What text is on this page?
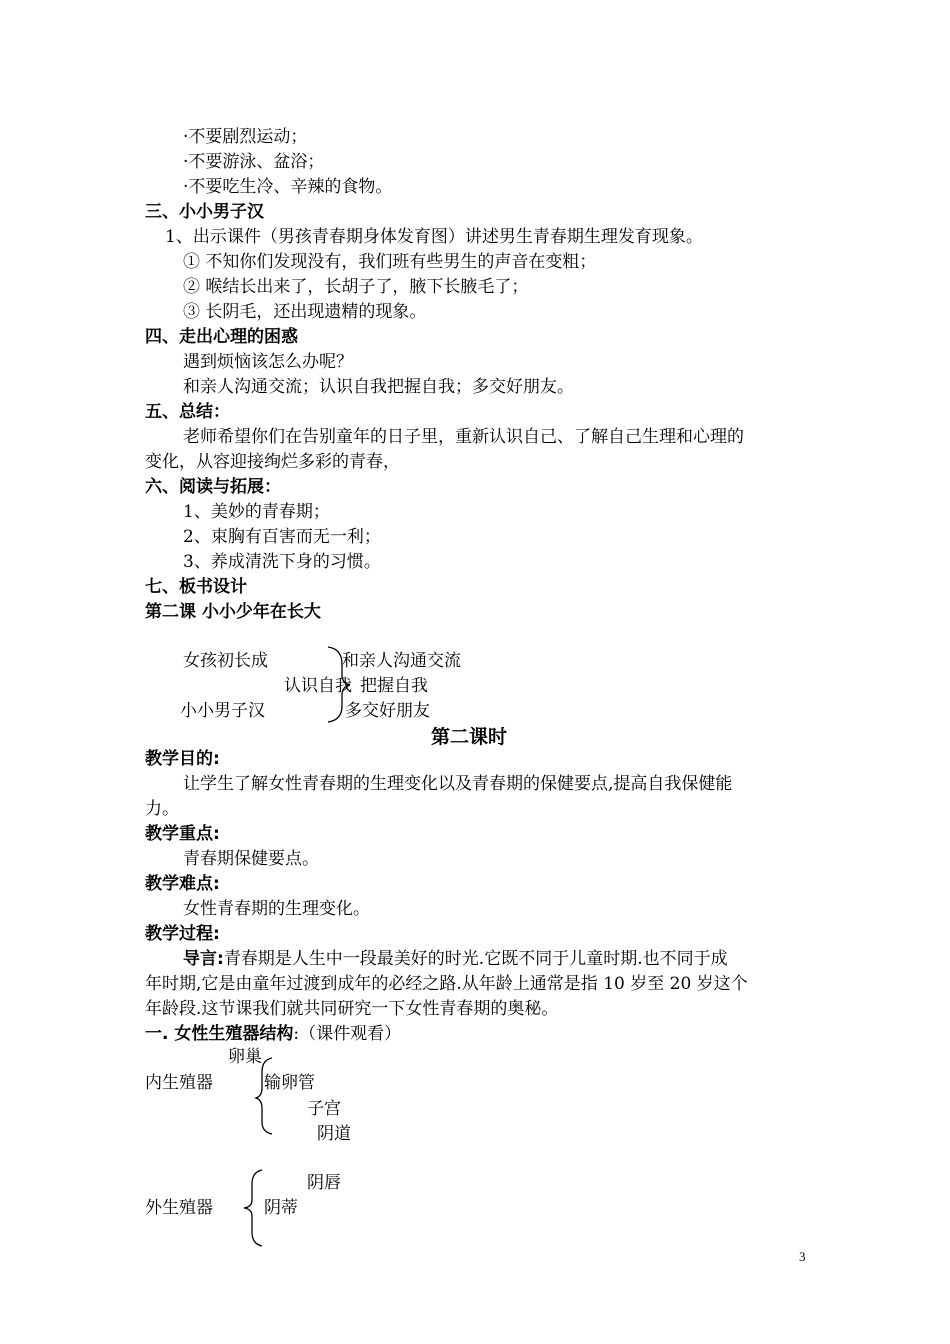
·不要剧烈运动；
·不要游泳、盆浴；
·不要吃生冷、辛辣的食物。
三、小小男子汉
1、出示课件（男孩青春期身体发育图）讲述男生青春期生理发育现象。
① 不知你们发现没有，我们班有些男生的声音在变粗；
② 喉结长出来了，长胡子了，腋下长腋毛了；
③ 长阴毛，还出现遗精的现象。
四、走出心理的困惑
遇到烦恼该怎么办呢？
和亲人沟通交流；认识自我把握自我；多交好朋友。
五、总结：
老师希望你们在告别童年的日子里，重新认识自己、了解自己生理和心理的
变化，从容迎接绚烂多彩的青春，
六、阅读与拓展：
1、美妙的青春期；
2、束胸有百害而无一利；
3、养成清洗下身的习惯。
七、板书设计
第二课 小小少年在长大
女孩初长成
小小男子汉
认识自我
和亲人沟通交流
把握自我
多交好朋友
第二课时
教学目的:
让学生了解女性青春期的生理变化以及青春期的保健要点,提高自我保健能
力。
教学重点:
青春期保健要点。
教学难点:
女性青春期的生理变化。
教学过程:
导言:青春期是人生中一段最美好的时光.它既不同于儿童时期.也不同于成
年时期,它是由童年过渡到成年的必经之路.从年龄上通常是指 10 岁至 20 岁这个
年龄段.这节课我们就共同研究一下女性青春期的奥秘。
一. 女性生殖器结构:（课件观看）
卵巢
内生殖器	输卵管
子宫
阴道
阴唇
外生殖器	阴蒂
3
